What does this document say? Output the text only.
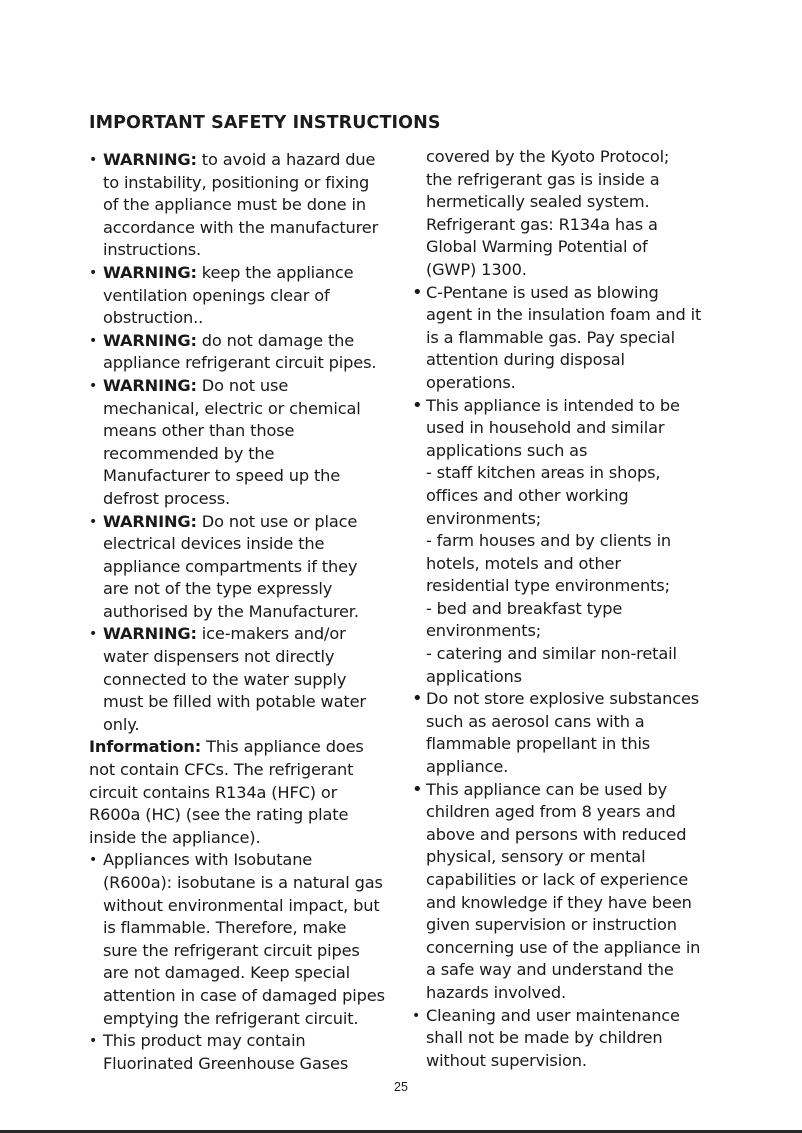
IMPORTANT SAFETY INSTRUCTIONS
• WARNING: to avoid a hazard due
to instability, positioning or fixing
of the appliance must be done in
accordance with the manufacturer
instructions.
• WARNING: keep the appliance
ventilation openings clear of
obstruction..
• WARNING: do not damage the
appliance refrigerant circuit pipes.
• WARNING: Do not use
mechanical, electric or chemical
means other than those
recommended by the
Manufacturer to speed up the
defrost process.
• WARNING: Do not use or place
electrical devices inside the
appliance compartments if they
are not of the type expressly
authorised by the Manufacturer.
• WARNING: ice-makers and/or
water dispensers not directly
connected to the water supply
must be filled with potable water
only.
Information: This appliance does
not contain CFCs. The refrigerant
circuit contains R134a (HFC) or
R600a (HC) (see the rating plate
inside the appliance).
• Appliances with Isobutane
(R600a): isobutane is a natural gas
without environmental impact, but
is flammable. Therefore, make
sure the refrigerant circuit pipes
are not damaged. Keep special
attention in case of damaged pipes
emptying the refrigerant circuit.
• This product may contain
Fluorinated Greenhouse Gases
covered by the Kyoto Protocol;
the refrigerant gas is inside a
hermetically sealed system.
Refrigerant gas: R134a has a
Global Warming Potential of
(GWP) 1300.
• C-Pentane is used as blowing
agent in the insulation foam and it
is a flammable gas. Pay special
attention during disposal
operations.
• This appliance is intended to be
used in household and similar
applications such as
- staff kitchen areas in shops,
offices and other working
environments;
- farm houses and by clients in
hotels, motels and other
residential type environments;
- bed and breakfast type
environments;
- catering and similar non-retail
applications
• Do not store explosive substances
such as aerosol cans with a
flammable propellant in this
appliance.
• This appliance can be used by
children aged from 8 years and
above and persons with reduced
physical, sensory or mental
capabilities or lack of experience
and knowledge if they have been
given supervision or instruction
concerning use of the appliance in
a safe way and understand the
hazards involved.
• Cleaning and user maintenance
shall not be made by children
without supervision.
25
